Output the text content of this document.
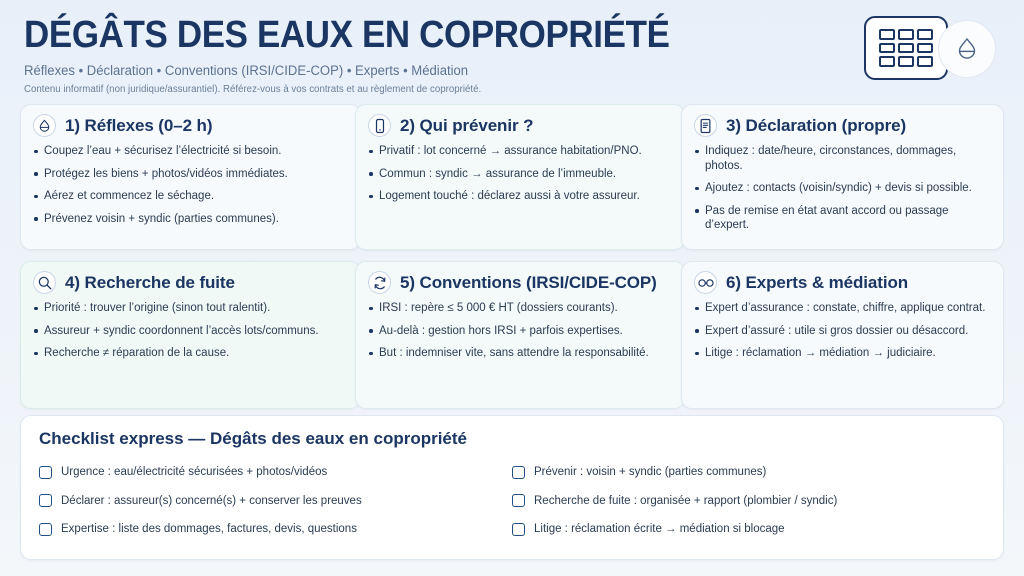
DÉGÂTS DES EAUX EN COPROPRIÉTÉ
Réflexes • Déclaration • Conventions (IRSI/CIDE-COP) • Experts • Médiation
Contenu informatif (non juridique/assurantiel). Référez-vous à vos contrats et au règlement de copropriété.
1) Réflexes (0–2 h)
Coupez l’eau + sécurisez l’électricité si besoin.
Protégez les biens + photos/vidéos immédiates.
Aérez et commencez le séchage.
Prévenez voisin + syndic (parties communes).
2) Qui prévenir ?
Privatif : lot concerné → assurance habitation/PNO.
Commun : syndic → assurance de l’immeuble.
Logement touché : déclarez aussi à votre assureur.
3) Déclaration (propre)
Indiquez : date/heure, circonstances, dommages, photos.
Ajoutez : contacts (voisin/syndic) + devis si possible.
Pas de remise en état avant accord ou passage d’expert.
4) Recherche de fuite
Priorité : trouver l’origine (sinon tout ralentit).
Assureur + syndic coordonnent l’accès lots/communs.
Recherche ≠ réparation de la cause.
5) Conventions (IRSI/CIDE-COP)
IRSI : repère ≤ 5 000 € HT (dossiers courants).
Au-delà : gestion hors IRSI + parfois expertises.
But : indemniser vite, sans attendre la responsabilité.
6) Experts & médiation
Expert d’assurance : constate, chiffre, applique contrat.
Expert d’assuré : utile si gros dossier ou désaccord.
Litige : réclamation → médiation → judiciaire.
Checklist express — Dégâts des eaux en copropriété
Urgence : eau/électricité sécurisées + photos/vidéos
Déclarer : assureur(s) concerné(s) + conserver les preuves
Expertise : liste des dommages, factures, devis, questions
Prévenir : voisin + syndic (parties communes)
Recherche de fuite : organisée + rapport (plombier / syndic)
Litige : réclamation écrite → médiation si blocage
